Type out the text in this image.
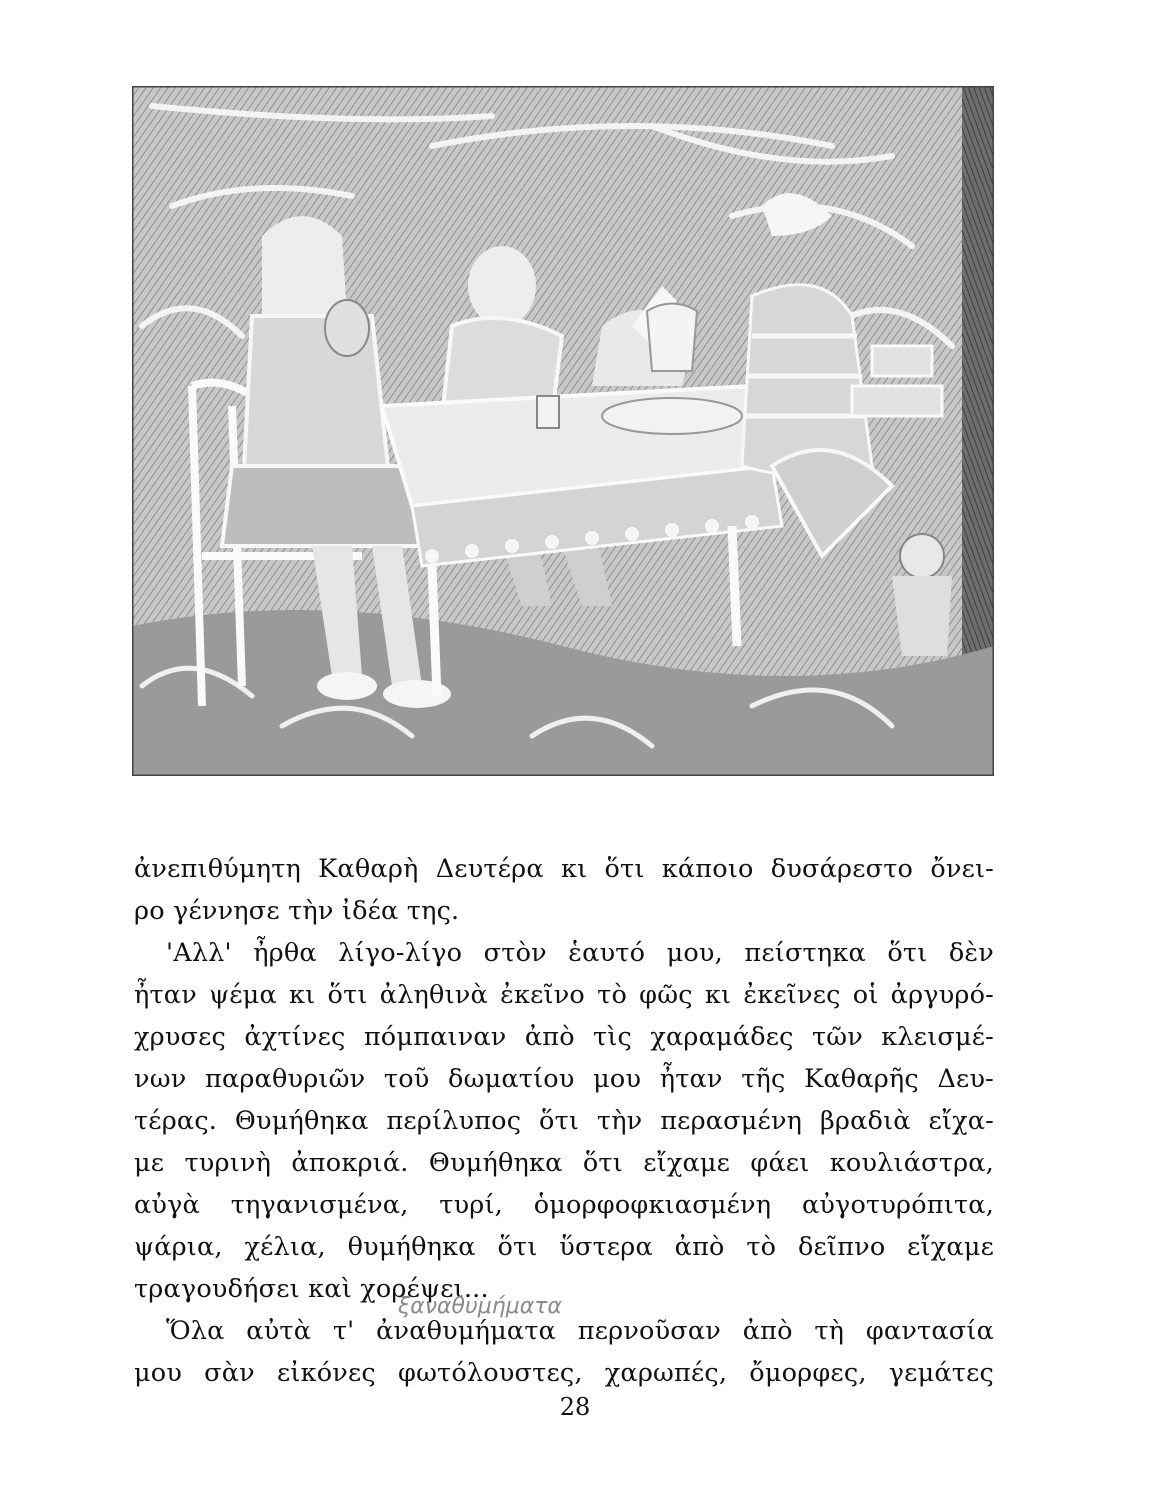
ἀνεπιθύμητη Καθαρὴ Δευτέρα κι ὅτι κάποιο δυσάρεστο ὄνει-
ρο γέννησε τὴν ἰδέα της.
'Αλλ' ἦρθα λίγο-λίγο στὸν ἑαυτό μου, πείστηκα ὅτι δὲν
ἦταν ψέμα κι ὅτι ἀληθινὰ ἐκεῖνο τὸ φῶς κι ἐκεῖνες οἱ ἀργυρό-
χρυσες ἀχτίνες πόμπαιναν ἀπὸ τὶς χαραμάδες τῶν κλεισμέ-
νων παραθυριῶν τοῦ δωματίου μου ἦταν τῆς Καθαρῆς Δευ-
τέρας. Θυμήθηκα περίλυπος ὅτι τὴν περασμένη βραδιὰ εἴχα-
με τυρινὴ ἀποκριά. Θυμήθηκα ὅτι εἴχαμε φάει κουλιάστρα,
αὐγὰ τηγανισμένα, τυρί, ὁμορφοφκιασμένη αὐγοτυρόπιτα,
ψάρια, χέλια, θυμήθηκα ὅτι ὕστερα ἀπὸ τὸ δεῖπνο εἴχαμε
τραγουδήσει καὶ χορέψει...
Ὅλα αὐτὰ τ' ἀναθυμήματα περνοῦσαν ἀπὸ τὴ φαντασία
μου σὰν εἰκόνες φωτόλουστες, χαρωπές, ὄμορφες, γεμάτες
ξαναθυμήματα
28
